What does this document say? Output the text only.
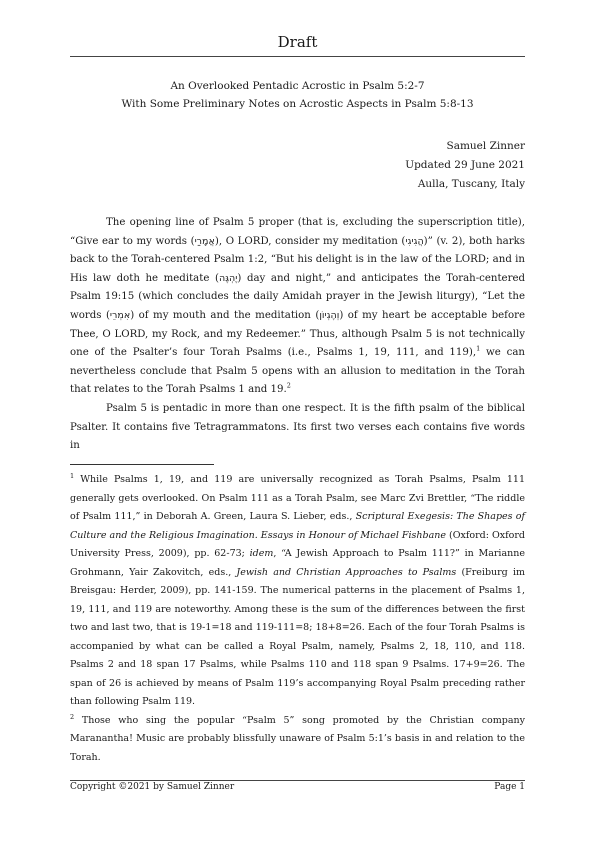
Draft
An Overlooked Pentadic Acrostic in Psalm 5:2-7
With Some Preliminary Notes on Acrostic Aspects in Psalm 5:8-13
Samuel Zinner
Updated 29 June 2021
Aulla, Tuscany, Italy

The opening line of Psalm 5 proper (that is, excluding the superscription title), “Give ear to my words (אֲמָרַי), O LORD, consider my meditation (הֲגִיגִי)” (v. 2), both harks back to the Torah-centered Psalm 1:2, “But his delight is in the law of the LORD; and in His law doth he meditate (יֶהְגֶּה) day and night,” and anticipates the Torah-centered Psalm 19:15 (which concludes the daily Amidah prayer in the Jewish liturgy), “Let the words (אִמְרֵי) of my mouth and the meditation (וְהֶגְיוֹן) of my heart be acceptable before Thee, O LORD, my Rock, and my Redeemer.” Thus, although Psalm 5 is not technically one of the Psalter’s four Torah Psalms (i.e., Psalms 1, 19, 111, and 119),$^1$ we can nevertheless conclude that Psalm 5 opens with an allusion to meditation in the Torah that relates to the Torah Psalms 1 and 19.$^2$

Psalm 5 is pentadic in more than one respect. It is the fifth psalm of the biblical Psalter. It contains five Tetragrammatons. Its first two verses each contains five words in

$^1$ While Psalms 1, 19, and 119 are universally recognized as Torah Psalms, Psalm 111 generally gets overlooked. On Psalm 111 as a Torah Psalm, see Marc Zvi Brettler, “The riddle of Psalm 111,” in Deborah A. Green, Laura S. Lieber, eds., Scriptural Exegesis: The Shapes of Culture and the Religious Imagination. Essays in Honour of Michael Fishbane (Oxford: Oxford University Press, 2009), pp. 62-73; idem, “A Jewish Approach to Psalm 111?” in Marianne Grohmann, Yair Zakovitch, eds., Jewish and Christian Approaches to Psalms (Freiburg im Breisgau: Herder, 2009), pp. 141-159. The numerical patterns in the placement of Psalms 1, 19, 111, and 119 are noteworthy. Among these is the sum of the differences between the first two and last two, that is 19-1=18 and 119-111=8; 18+8=26. Each of the four Torah Psalms is accompanied by what can be called a Royal Psalm, namely, Psalms 2, 18, 110, and 118. Psalms 2 and 18 span 17 Psalms, while Psalms 110 and 118 span 9 Psalms. 17+9=26. The span of 26 is achieved by means of Psalm 119’s accompanying Royal Psalm preceding rather than following Psalm 119.

$^2$ Those who sing the popular “Psalm 5” song promoted by the Christian company Maranantha! Music are probably blissfully unaware of Psalm 5:1’s basis in and relation to the Torah.

Copyright ©2021 by Samuel Zinner	Page 1
